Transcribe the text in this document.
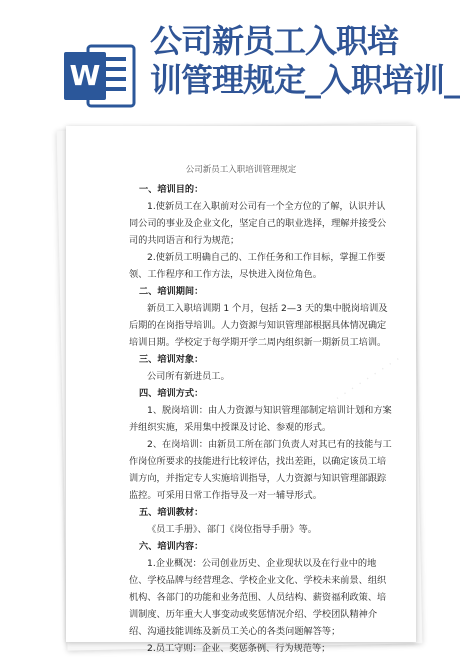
W
公司新员工入职培
训管理规定_入职培训_
公司新员工入职培训管理规定

一、培训目的：

1.使新员工在入职前对公司有一个全方位的了解，认识并认同公司的事业及企业文化，坚定自己的职业选择，理解并接受公司的共同语言和行为规范；

2.使新员工明确自己的、工作任务和工作目标，掌握工作要领、工作程序和工作方法，尽快进入岗位角色。

二、培训期间：

新员工入职培训期 1 个月，包括 2—3 天的集中脱岗培训及后期的在岗指导培训。人力资源与知识管理部根据具体情况确定培训日期。学校定于每学期开学二周内组织新一期新员工培训。

三、培训对象：

公司所有新进员工。

四、培训方式：

1、脱岗培训：由人力资源与知识管理部制定培训计划和方案并组织实施，采用集中授课及讨论、参观的形式。

2、在岗培训：由新员工所在部门负责人对其已有的技能与工作岗位所要求的技能进行比较评估，找出差距，以确定该员工培训方向，并指定专人实施培训指导，人力资源与知识管理部跟踪监控。可采用日常工作指导及一对一辅导形式。

五、培训教材：

《员工手册》、部门《岗位指导手册》等。

六、培训内容：

1.企业概况：公司创业历史、企业现状以及在行业中的地位、学校品牌与经营理念、学校企业文化、学校未来前景、组织机构、各部门的功能和业务范围、人员结构、薪资福利政策、培训制度、历年重大人事变动或奖惩情况介绍、学校团队精神介绍、沟通技能训练及新员工关心的各类问题解答等；

2.员工守则：企业、奖惩条例、行为规范等；

· · · · · · · · ·
